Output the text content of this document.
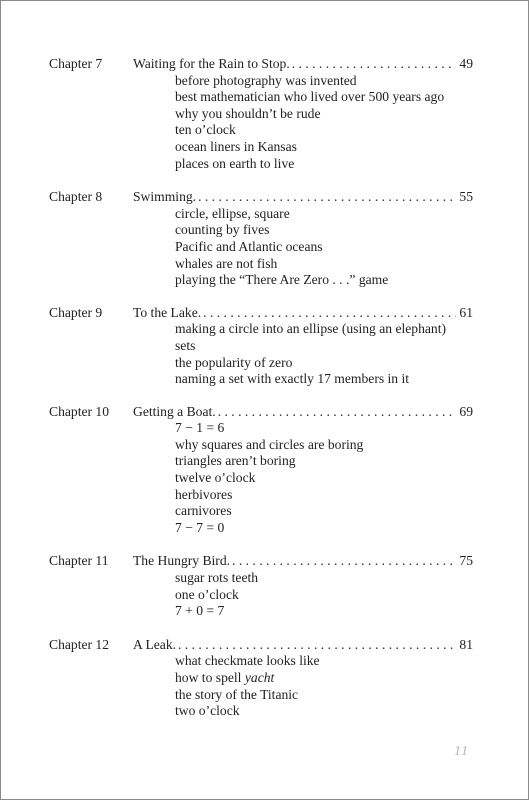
Chapter 7	Waiting for the Rain to Stop. . . .	49
before photography was invented
best mathematician who lived over 500 years ago
why you shouldn’t be rude
ten o’clock
ocean liners in Kansas
places on earth to live
Chapter 8	Swimming. . . .	55
circle, ellipse, square
counting by fives
Pacific and Atlantic oceans
whales are not fish
playing the “There Are Zero . . .” game
Chapter 9	To the Lake. . . .	61
making a circle into an ellipse (using an elephant)
sets
the popularity of zero
naming a set with exactly 17 members in it
Chapter 10	Getting a Boat. . . .	69
7 − 1 = 6
why squares and circles are boring
triangles aren’t boring
twelve o’clock
herbivores
carnivores
7 − 7 = 0
Chapter 11	The Hungry Bird. . . .	75
sugar rots teeth
one o’clock
7 + 0 = 7
Chapter 12	A Leak. . . .	81
what checkmate looks like
how to spell yacht
the story of the Titanic
two o’clock
11
